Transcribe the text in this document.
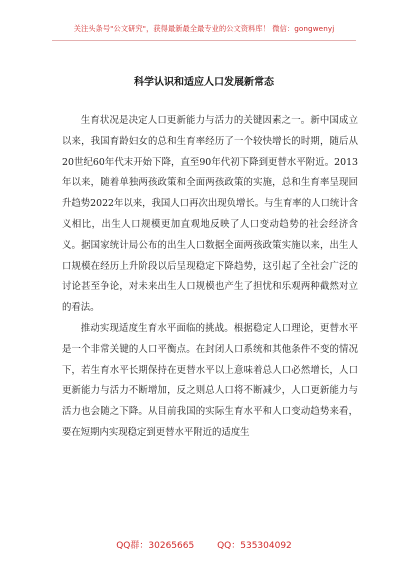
关注头条号"公文研究"，获得最新最全最专业的公文资料库！ 微信：gongwenyj
科学认识和适应人口发展新常态

生育状况是决定人口更新能力与活力的关键因素之一。新中国成立以来，我国育龄妇女的总和生育率经历了一个较快增长的时期，随后从20世纪60年代末开始下降，直至90年代初下降到更替水平附近。2013年以来，随着单独两孩政策和全面两孩政策的实施，总和生育率呈现回升趋势2022年以来，我国人口再次出现负增长。与生育率的人口统计含义相比，出生人口规模更加直观地反映了人口变动趋势的社会经济含义。据国家统计局公布的出生人口数据全面两孩政策实施以来，出生人口规模在经历上升阶段以后呈现稳定下降趋势，这引起了全社会广泛的讨论甚至争论，对未来出生人口规模也产生了担忧和乐观两种截然对立的看法。

推动实现适度生育水平面临的挑战。根据稳定人口理论，更替水平是一个非常关键的人口平衡点。在封闭人口系统和其他条件不变的情况下，若生育水平长期保持在更替水平以上意味着总人口必然增长，人口更新能力与活力不断增加，反之则总人口将不断减少，人口更新能力与活力也会随之下降。从目前我国的实际生育水平和人口变动趋势来看，要在短期内实现稳定到更替水平附近的适度生

QQ群：30265665	QQ：535304092
